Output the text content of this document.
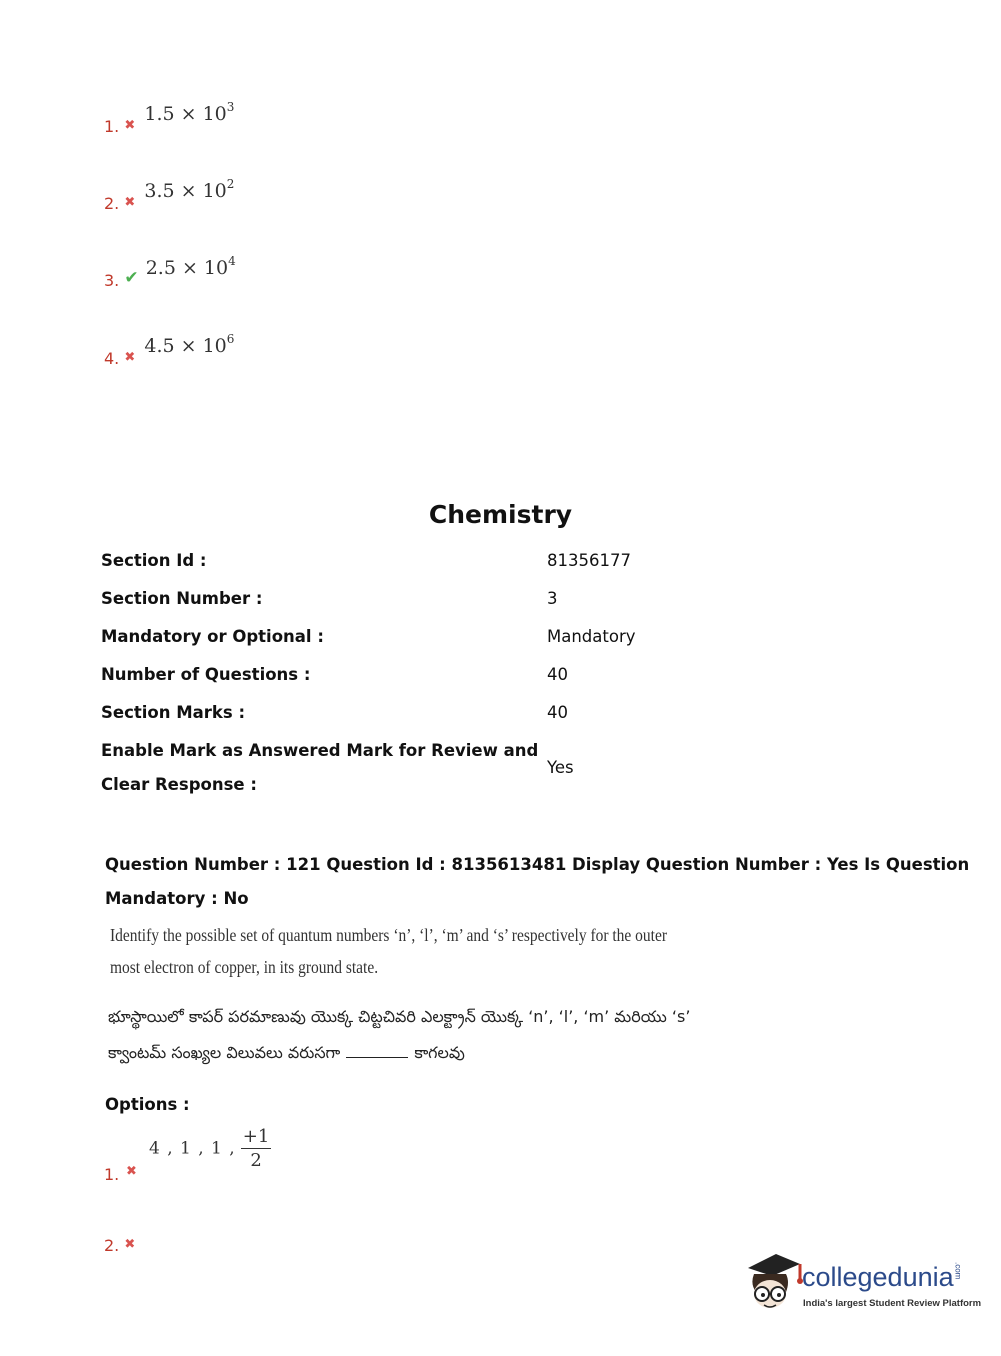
1. $_✖$ $1.5 \times 10^3$
2. $_✖$ $3.5 \times 10^2$
3. ✔ $2.5 \times 10^4$
4. $_✖$ $4.5 \times 10^6$
Chemistry
Section Id :	81356177
Section Number :	3
Mandatory or Optional :	Mandatory
Number of Questions :	40
Section Marks :	40
Enable Mark as Answered Mark for Review and
Clear Response :
Yes
Question Number : 121 Question Id : 8135613481 Display Question Number : Yes Is Question
Mandatory : No
Identify the possible set of quantum numbers ‘n’, ‘l’, ‘m’ and ‘s’ respectively for the outer
most electron of copper, in its ground state.
భూస్థాయిలో కాపర్ పరమాణువు యొక్క చిట్టచివరి ఎలక్ట్రాన్ యొక్క ‘n’, ‘l’, ‘m’ మరియు ‘s’
క్వాంటమ్ సంఖ్యల విలువలు వరుసగా	కాగలవు
Options :
1. ✖
4 , 1 , 1 , $\frac{+1}{2}$
2. ✖
collegedunia.com
India's largest Student Review Platform
